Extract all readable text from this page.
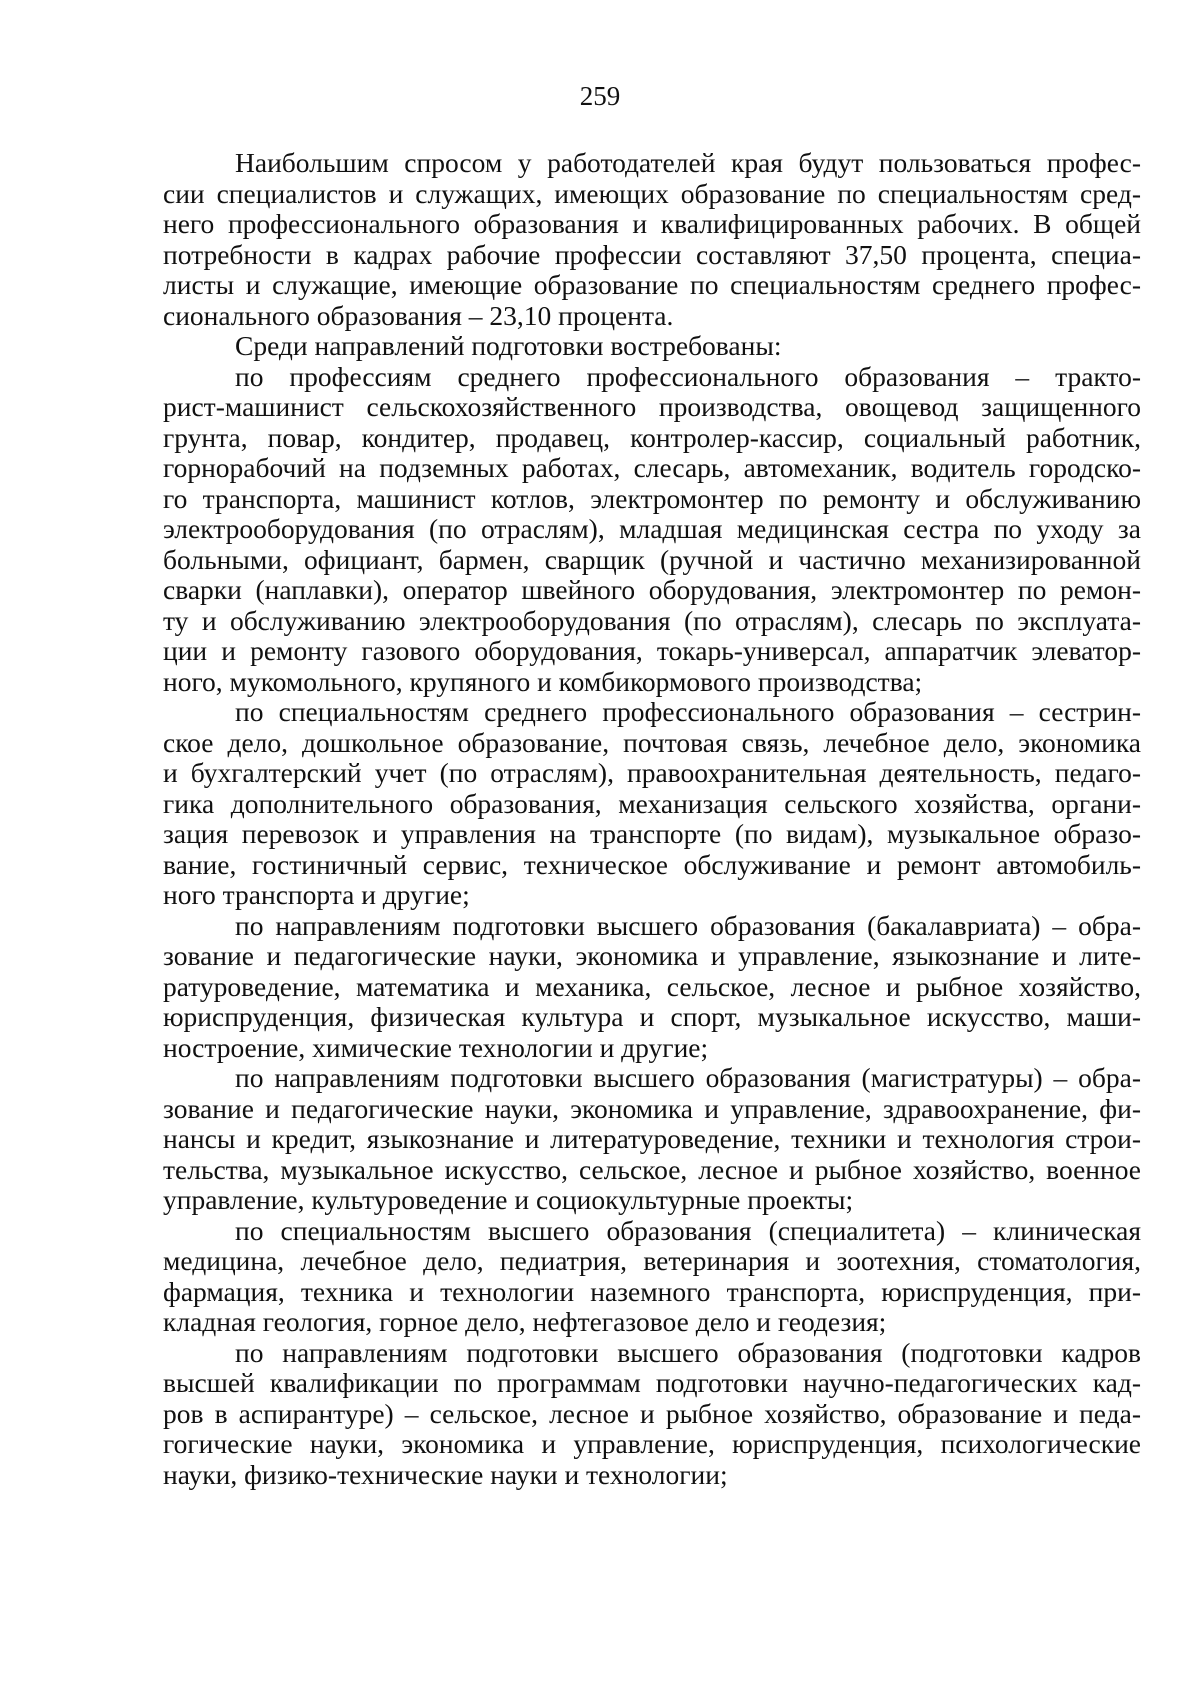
259
Наибольшим спросом у работодателей края будут пользоваться профес-
сии специалистов и служащих, имеющих образование по специальностям сред-
него профессионального образования и квалифицированных рабочих. В общей
потребности в кадрах рабочие профессии составляют 37,50 процента, специа-
листы и служащие, имеющие образование по специальностям среднего профес-
сионального образования – 23,10 процента.
Среди направлений подготовки востребованы:
по профессиям среднего профессионального образования – тракто-
рист-машинист сельскохозяйственного производства, овощевод защищенного
грунта, повар, кондитер, продавец, контролер-кассир, социальный работник,
горнорабочий на подземных работах, слесарь, автомеханик, водитель городско-
го транспорта, машинист котлов, электромонтер по ремонту и обслуживанию
электрооборудования (по отраслям), младшая медицинская сестра по уходу за
больными, официант, бармен, сварщик (ручной и частично механизированной
сварки (наплавки), оператор швейного оборудования, электромонтер по ремон-
ту и обслуживанию электрооборудования (по отраслям), слесарь по эксплуата-
ции и ремонту газового оборудования, токарь-универсал, аппаратчик элеватор-
ного, мукомольного, крупяного и комбикормового производства;
по специальностям среднего профессионального образования – сестрин-
ское дело, дошкольное образование, почтовая связь, лечебное дело, экономика
и бухгалтерский учет (по отраслям), правоохранительная деятельность, педаго-
гика дополнительного образования, механизация сельского хозяйства, органи-
зация перевозок и управления на транспорте (по видам), музыкальное образо-
вание, гостиничный сервис, техническое обслуживание и ремонт автомобиль-
ного транспорта и другие;
по направлениям подготовки высшего образования (бакалавриата) – обра-
зование и педагогические науки, экономика и управление, языкознание и лите-
ратуроведение, математика и механика, сельское, лесное и рыбное хозяйство,
юриспруденция, физическая культура и спорт, музыкальное искусство, маши-
ностроение, химические технологии и другие;
по направлениям подготовки высшего образования (магистратуры) – обра-
зование и педагогические науки, экономика и управление, здравоохранение, фи-
нансы и кредит, языкознание и литературоведение, техники и технология строи-
тельства, музыкальное искусство, сельское, лесное и рыбное хозяйство, военное
управление, культуроведение и социокультурные проекты;
по специальностям высшего образования (специалитета) – клиническая
медицина, лечебное дело, педиатрия, ветеринария и зоотехния, стоматология,
фармация, техника и технологии наземного транспорта, юриспруденция, при-
кладная геология, горное дело, нефтегазовое дело и геодезия;
по направлениям подготовки высшего образования (подготовки кадров
высшей квалификации по программам подготовки научно-педагогических кад-
ров в аспирантуре) – сельское, лесное и рыбное хозяйство, образование и педа-
гогические науки, экономика и управление, юриспруденция, психологические
науки, физико-технические науки и технологии;
